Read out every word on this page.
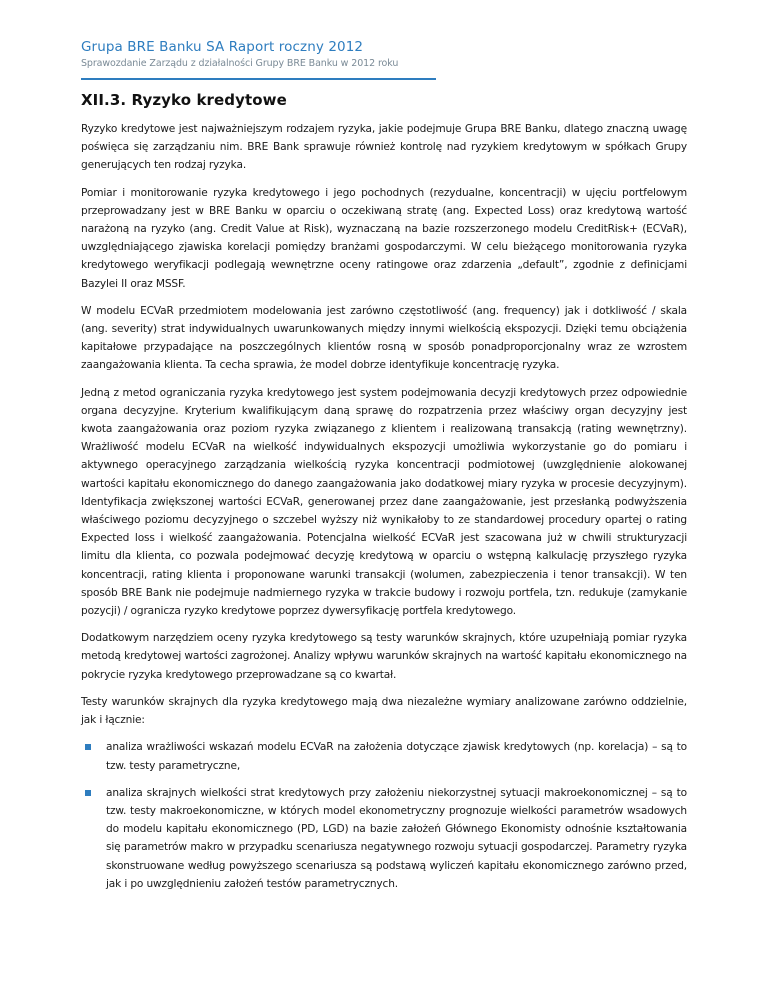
Grupa BRE Banku SA Raport roczny 2012
Sprawozdanie Zarządu z działalności Grupy BRE Banku w 2012 roku
XII.3. Ryzyko kredytowe

Ryzyko kredytowe jest najważniejszym rodzajem ryzyka, jakie podejmuje Grupa BRE Banku, dlatego znaczną uwagę poświęca się zarządzaniu nim. BRE Bank sprawuje również kontrolę nad ryzykiem kredytowym w spółkach Grupy generujących ten rodzaj ryzyka.

Pomiar i monitorowanie ryzyka kredytowego i jego pochodnych (rezydualne, koncentracji) w ujęciu portfelowym przeprowadzany jest w BRE Banku w oparciu o oczekiwaną stratę (ang. Expected Loss) oraz kredytową wartość narażoną na ryzyko (ang. Credit Value at Risk), wyznaczaną na bazie rozszerzonego modelu CreditRisk+ (ECVaR), uwzględniającego zjawiska korelacji pomiędzy branżami gospodarczymi. W celu bieżącego monitorowania ryzyka kredytowego weryfikacji podlegają wewnętrzne oceny ratingowe oraz zdarzenia „default”, zgodnie z definicjami Bazylei II oraz MSSF.

W modelu ECVaR przedmiotem modelowania jest zarówno częstotliwość (ang. frequency) jak i dotkliwość / skala (ang. severity) strat indywidualnych uwarunkowanych między innymi wielkością ekspozycji. Dzięki temu obciążenia kapitałowe przypadające na poszczególnych klientów rosną w sposób ponadproporcjonalny wraz ze wzrostem zaangażowania klienta. Ta cecha sprawia, że model dobrze identyfikuje koncentrację ryzyka.

Jedną z metod ograniczania ryzyka kredytowego jest system podejmowania decyzji kredytowych przez odpowiednie organa decyzyjne. Kryterium kwalifikującym daną sprawę do rozpatrzenia przez właściwy organ decyzyjny jest kwota zaangażowania oraz poziom ryzyka związanego z klientem i realizowaną transakcją (rating wewnętrzny). Wrażliwość modelu ECVaR na wielkość indywidualnych ekspozycji umożliwia wykorzystanie go do pomiaru i aktywnego operacyjnego zarządzania wielkością ryzyka koncentracji podmiotowej (uwzględnienie alokowanej wartości kapitału ekonomicznego do danego zaangażowania jako dodatkowej miary ryzyka w procesie decyzyjnym). Identyfikacja zwiększonej wartości ECVaR, generowanej przez dane zaangażowanie, jest przesłanką podwyższenia właściwego poziomu decyzyjnego o szczebel wyższy niż wynikałoby to ze standardowej procedury opartej o rating Expected loss i wielkość zaangażowania. Potencjalna wielkość ECVaR jest szacowana już w chwili strukturyzacji limitu dla klienta, co pozwala podejmować decyzję kredytową w oparciu o wstępną kalkulację przyszłego ryzyka koncentracji, rating klienta i proponowane warunki transakcji (wolumen, zabezpieczenia i tenor transakcji). W ten sposób BRE Bank nie podejmuje nadmiernego ryzyka w trakcie budowy i rozwoju portfela, tzn. redukuje (zamykanie pozycji) / ogranicza ryzyko kredytowe poprzez dywersyfikację portfela kredytowego.

Dodatkowym narzędziem oceny ryzyka kredytowego są testy warunków skrajnych, które uzupełniają pomiar ryzyka metodą kredytowej wartości zagrożonej. Analizy wpływu warunków skrajnych na wartość kapitału ekonomicznego na pokrycie ryzyka kredytowego przeprowadzane są co kwartał.

Testy warunków skrajnych dla ryzyka kredytowego mają dwa niezależne wymiary analizowane zarówno oddzielnie, jak i łącznie:

analiza wrażliwości wskazań modelu ECVaR na założenia dotyczące zjawisk kredytowych (np. korelacja) – są to tzw. testy parametryczne,
analiza skrajnych wielkości strat kredytowych przy założeniu niekorzystnej sytuacji makroekonomicznej – są to tzw. testy makroekonomiczne, w których model ekonometryczny prognozuje wielkości parametrów wsadowych do modelu kapitału ekonomicznego (PD, LGD) na bazie założeń Głównego Ekonomisty odnośnie kształtowania się parametrów makro w przypadku scenariusza negatywnego rozwoju sytuacji gospodarczej. Parametry ryzyka skonstruowane według powyższego scenariusza są podstawą wyliczeń kapitału ekonomicznego zarówno przed, jak i po uwzględnieniu założeń testów parametrycznych.
